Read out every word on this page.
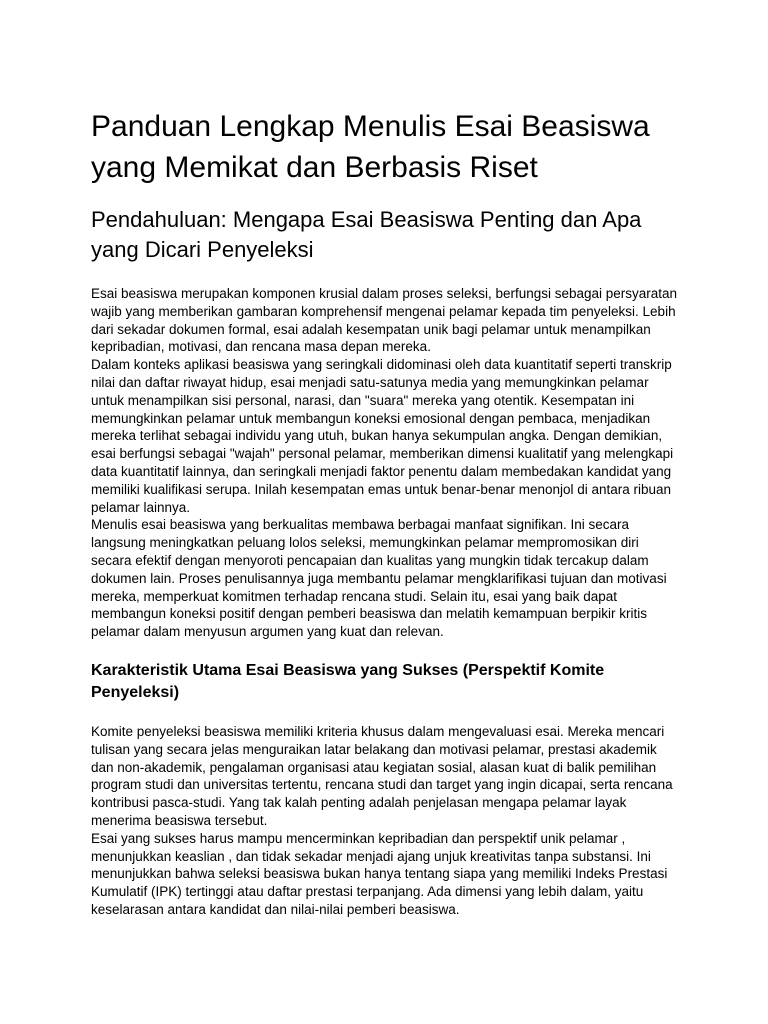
Panduan Lengkap Menulis Esai Beasiswa yang Memikat dan Berbasis Riset
Pendahuluan: Mengapa Esai Beasiswa Penting dan Apa yang Dicari Penyeleksi

Esai beasiswa merupakan komponen krusial dalam proses seleksi, berfungsi sebagai persyaratan wajib yang memberikan gambaran komprehensif mengenai pelamar kepada tim penyeleksi. Lebih dari sekadar dokumen formal, esai adalah kesempatan unik bagi pelamar untuk menampilkan kepribadian, motivasi, dan rencana masa depan mereka.

Dalam konteks aplikasi beasiswa yang seringkali didominasi oleh data kuantitatif seperti transkrip nilai dan daftar riwayat hidup, esai menjadi satu-satunya media yang memungkinkan pelamar untuk menampilkan sisi personal, narasi, dan "suara" mereka yang otentik. Kesempatan ini memungkinkan pelamar untuk membangun koneksi emosional dengan pembaca, menjadikan mereka terlihat sebagai individu yang utuh, bukan hanya sekumpulan angka. Dengan demikian, esai berfungsi sebagai "wajah" personal pelamar, memberikan dimensi kualitatif yang melengkapi data kuantitatif lainnya, dan seringkali menjadi faktor penentu dalam membedakan kandidat yang memiliki kualifikasi serupa. Inilah kesempatan emas untuk benar-benar menonjol di antara ribuan pelamar lainnya.

Menulis esai beasiswa yang berkualitas membawa berbagai manfaat signifikan. Ini secara langsung meningkatkan peluang lolos seleksi, memungkinkan pelamar mempromosikan diri secara efektif dengan menyoroti pencapaian dan kualitas yang mungkin tidak tercakup dalam dokumen lain. Proses penulisannya juga membantu pelamar mengklarifikasi tujuan dan motivasi mereka, memperkuat komitmen terhadap rencana studi. Selain itu, esai yang baik dapat membangun koneksi positif dengan pemberi beasiswa dan melatih kemampuan berpikir kritis pelamar dalam menyusun argumen yang kuat dan relevan.

Karakteristik Utama Esai Beasiswa yang Sukses (Perspektif Komite Penyeleksi)

Komite penyeleksi beasiswa memiliki kriteria khusus dalam mengevaluasi esai. Mereka mencari tulisan yang secara jelas menguraikan latar belakang dan motivasi pelamar, prestasi akademik dan non-akademik, pengalaman organisasi atau kegiatan sosial, alasan kuat di balik pemilihan program studi dan universitas tertentu, rencana studi dan target yang ingin dicapai, serta rencana kontribusi pasca-studi. Yang tak kalah penting adalah penjelasan mengapa pelamar layak menerima beasiswa tersebut.

Esai yang sukses harus mampu mencerminkan kepribadian dan perspektif unik pelamar , menunjukkan keaslian , dan tidak sekadar menjadi ajang unjuk kreativitas tanpa substansi. Ini menunjukkan bahwa seleksi beasiswa bukan hanya tentang siapa yang memiliki Indeks Prestasi Kumulatif (IPK) tertinggi atau daftar prestasi terpanjang. Ada dimensi yang lebih dalam, yaitu keselarasan antara kandidat dan nilai-nilai pemberi beasiswa.
